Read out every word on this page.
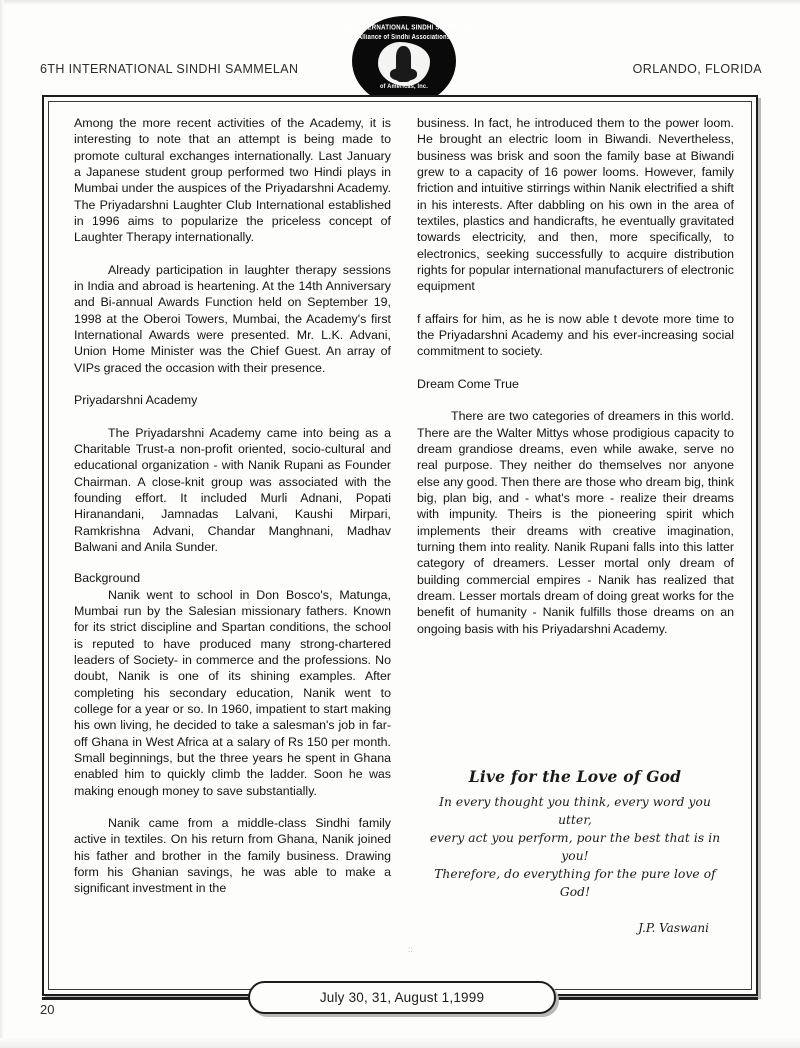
6TH INTERNATIONAL SINDHI SAMMELAN	ORLANDO, FLORIDA
6th INTERNATIONAL SINDHI SAMMELAN
Alliance of Sindhi Associations
of Americas, Inc.

Among the more recent activities of the Academy, it is interesting to note that an attempt is being made to promote cultural exchanges internationally. Last January a Japanese student group performed two Hindi plays in Mumbai under the auspices of the Priyadarshni Academy. The Priyadarshni Laughter Club International established in 1996 aims to popularize the priceless concept of Laughter Therapy internationally.

Already participation in laughter therapy sessions in India and abroad is heartening. At the 14th Anniversary and Bi-annual Awards Function held on September 19, 1998 at the Oberoi Towers, Mumbai, the Academy's first International Awards were presented. Mr. L.K. Advani, Union Home Minister was the Chief Guest. An array of VIPs graced the occasion with their presence.

Priyadarshni Academy

The Priyadarshni Academy came into being as a Charitable Trust-a non-profit oriented, socio-cultural and educational organization - with Nanik Rupani as Founder Chairman. A close-knit group was associated with the founding effort. It included Murli Adnani, Popati Hiranandani, Jamnadas Lalvani, Kaushi Mirpari, Ramkrishna Advani, Chandar Manghnani, Madhav Balwani and Anila Sunder.

Background

Nanik went to school in Don Bosco's, Matunga, Mumbai run by the Salesian missionary fathers. Known for its strict discipline and Spartan conditions, the school is reputed to have produced many strong-chartered leaders of Society- in commerce and the professions. No doubt, Nanik is one of its shining examples. After completing his secondary education, Nanik went to college for a year or so. In 1960, impatient to start making his own living, he decided to take a salesman's job in far-off Ghana in West Africa at a salary of Rs 150 per month. Small beginnings, but the three years he spent in Ghana enabled him to quickly climb the ladder. Soon he was making enough money to save substantially.

Nanik came from a middle-class Sindhi family active in textiles. On his return from Ghana, Nanik joined his father and brother in the family business. Drawing form his Ghanian savings, he was able to make a significant investment in the

business. In fact, he introduced them to the power loom. He brought an electric loom in Biwandi. Nevertheless, business was brisk and soon the family base at Biwandi grew to a capacity of 16 power looms. However, family friction and intuitive stirrings within Nanik electrified a shift in his interests. After dabbling on his own in the area of textiles, plastics and handicrafts, he eventually gravitated towards electricity, and then, more specifically, to electronics, seeking successfully to acquire distribution rights for popular international manufacturers of electronic equipment

f affairs for him, as he is now able t devote more time to the Priyadarshni Academy and his ever-increasing social commitment to society.

Dream Come True

There are two categories of dreamers in this world. There are the Walter Mittys whose prodigious capacity to dream grandiose dreams, even while awake, serve no real purpose. They neither do themselves nor anyone else any good. Then there are those who dream big, think big, plan big, and - what's more - realize their dreams with impunity. Theirs is the pioneering spirit which implements their dreams with creative imagination, turning them into reality. Nanik Rupani falls into this latter category of dreamers. Lesser mortal only dream of building commercial empires - Nanik has realized that dream. Lesser mortals dream of doing great works for the benefit of humanity - Nanik fulfills those dreams on an ongoing basis with his Priyadarshni Academy.

Live for the Love of God
In every thought you think, every word you utter,
every act you perform, pour the best that is in you!
Therefore, do everything for the pure love of God!
J.P. Vaswani
::
July 30, 31, August 1,1999
20
